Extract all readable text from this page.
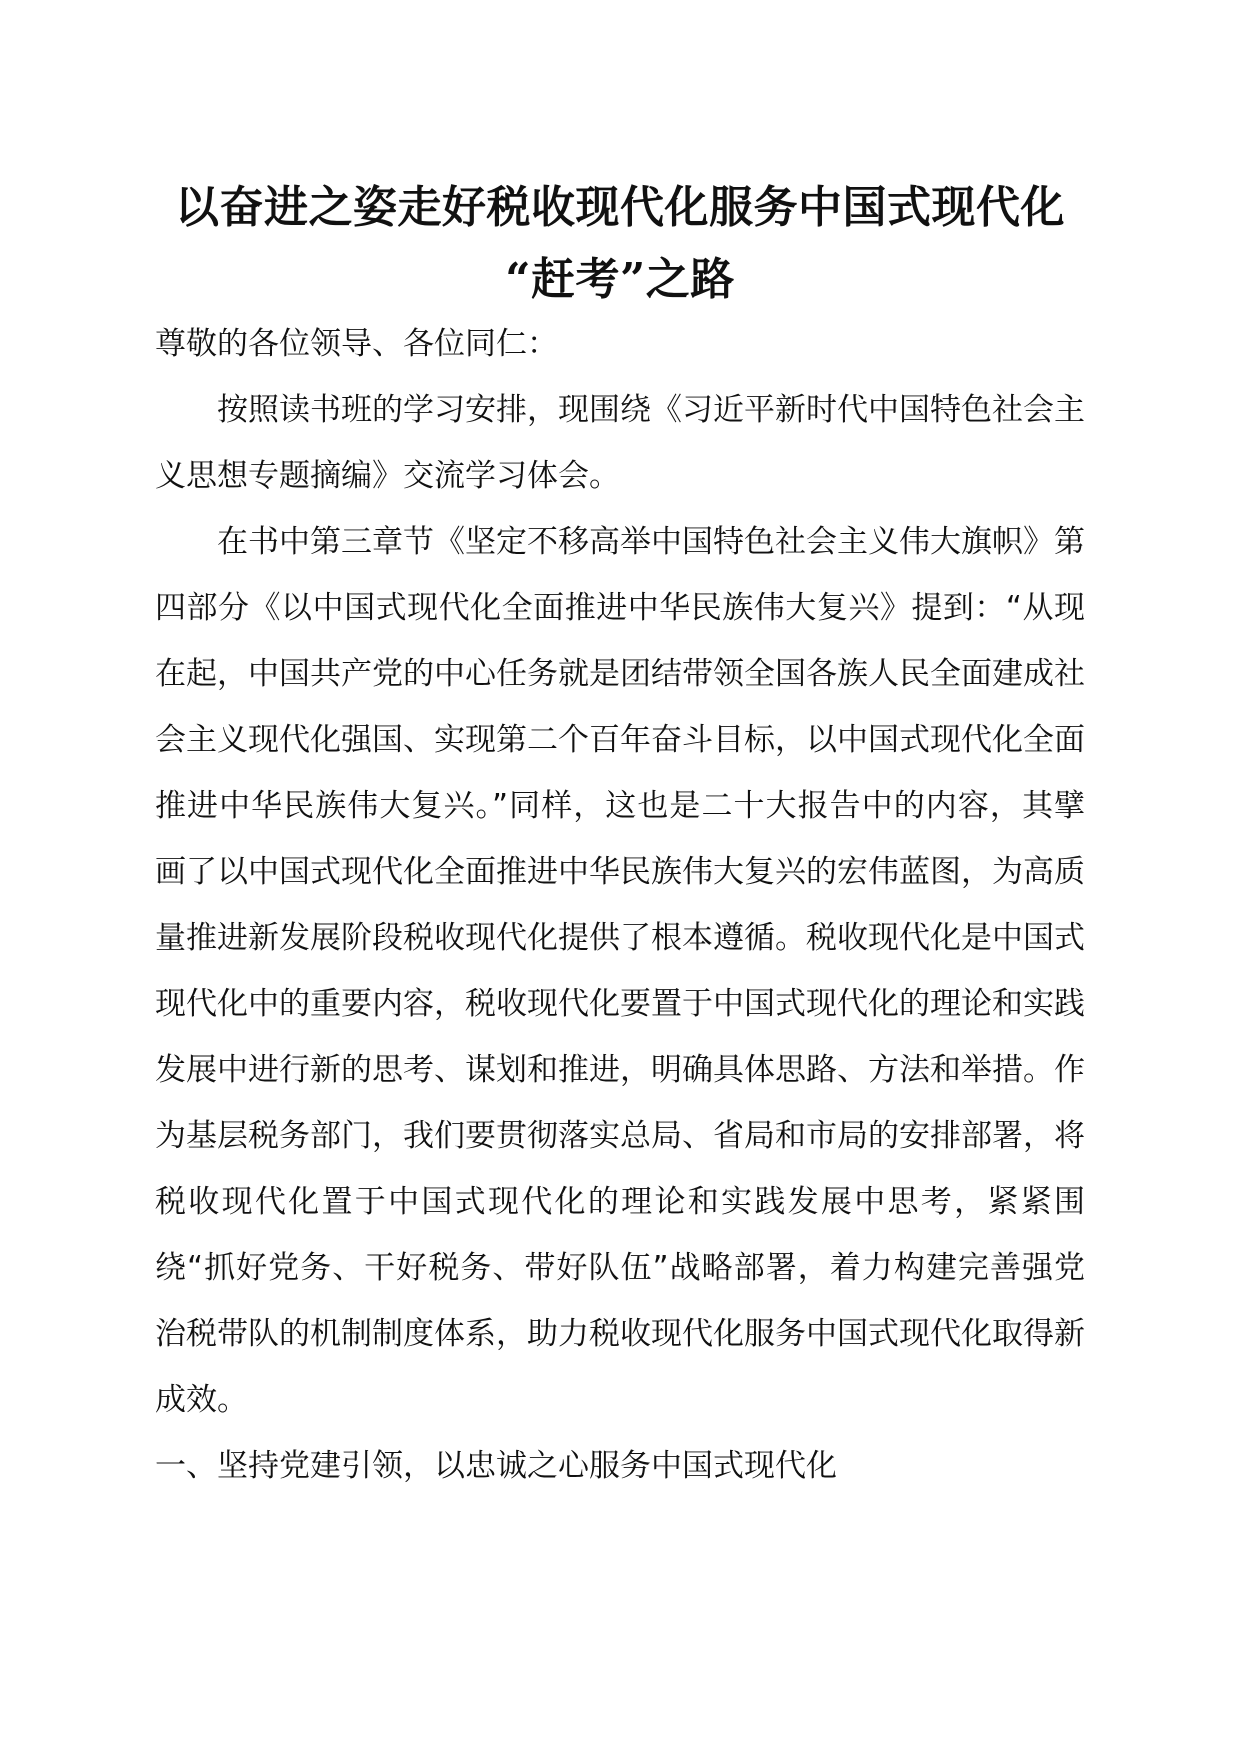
以奋进之姿走好税收现代化服务中国式现代化
“赶考”之路

尊敬的各位领导、各位同仁：

按照读书班的学习安排，现围绕《习近平新时代中国特色社会主义思想专题摘编》交流学习体会。

在书中第三章节《坚定不移高举中国特色社会主义伟大旗帜》第四部分《以中国式现代化全面推进中华民族伟大复兴》提到：“从现在起，中国共产党的中心任务就是团结带领全国各族人民全面建成社会主义现代化强国、实现第二个百年奋斗目标，以中国式现代化全面推进中华民族伟大复兴。”同样，这也是二十大报告中的内容，其擘画了以中国式现代化全面推进中华民族伟大复兴的宏伟蓝图，为高质量推进新发展阶段税收现代化提供了根本遵循。税收现代化是中国式现代化中的重要内容，税收现代化要置于中国式现代化的理论和实践发展中进行新的思考、谋划和推进，明确具体思路、方法和举措。作为基层税务部门，我们要贯彻落实总局、省局和市局的安排部署，将税收现代化置于中国式现代化的理论和实践发展中思考，紧紧围绕“抓好党务、干好税务、带好队伍”战略部署，着力构建完善强党治税带队的机制制度体系，助力税收现代化服务中国式现代化取得新成效。

一、坚持党建引领，以忠诚之心服务中国式现代化
